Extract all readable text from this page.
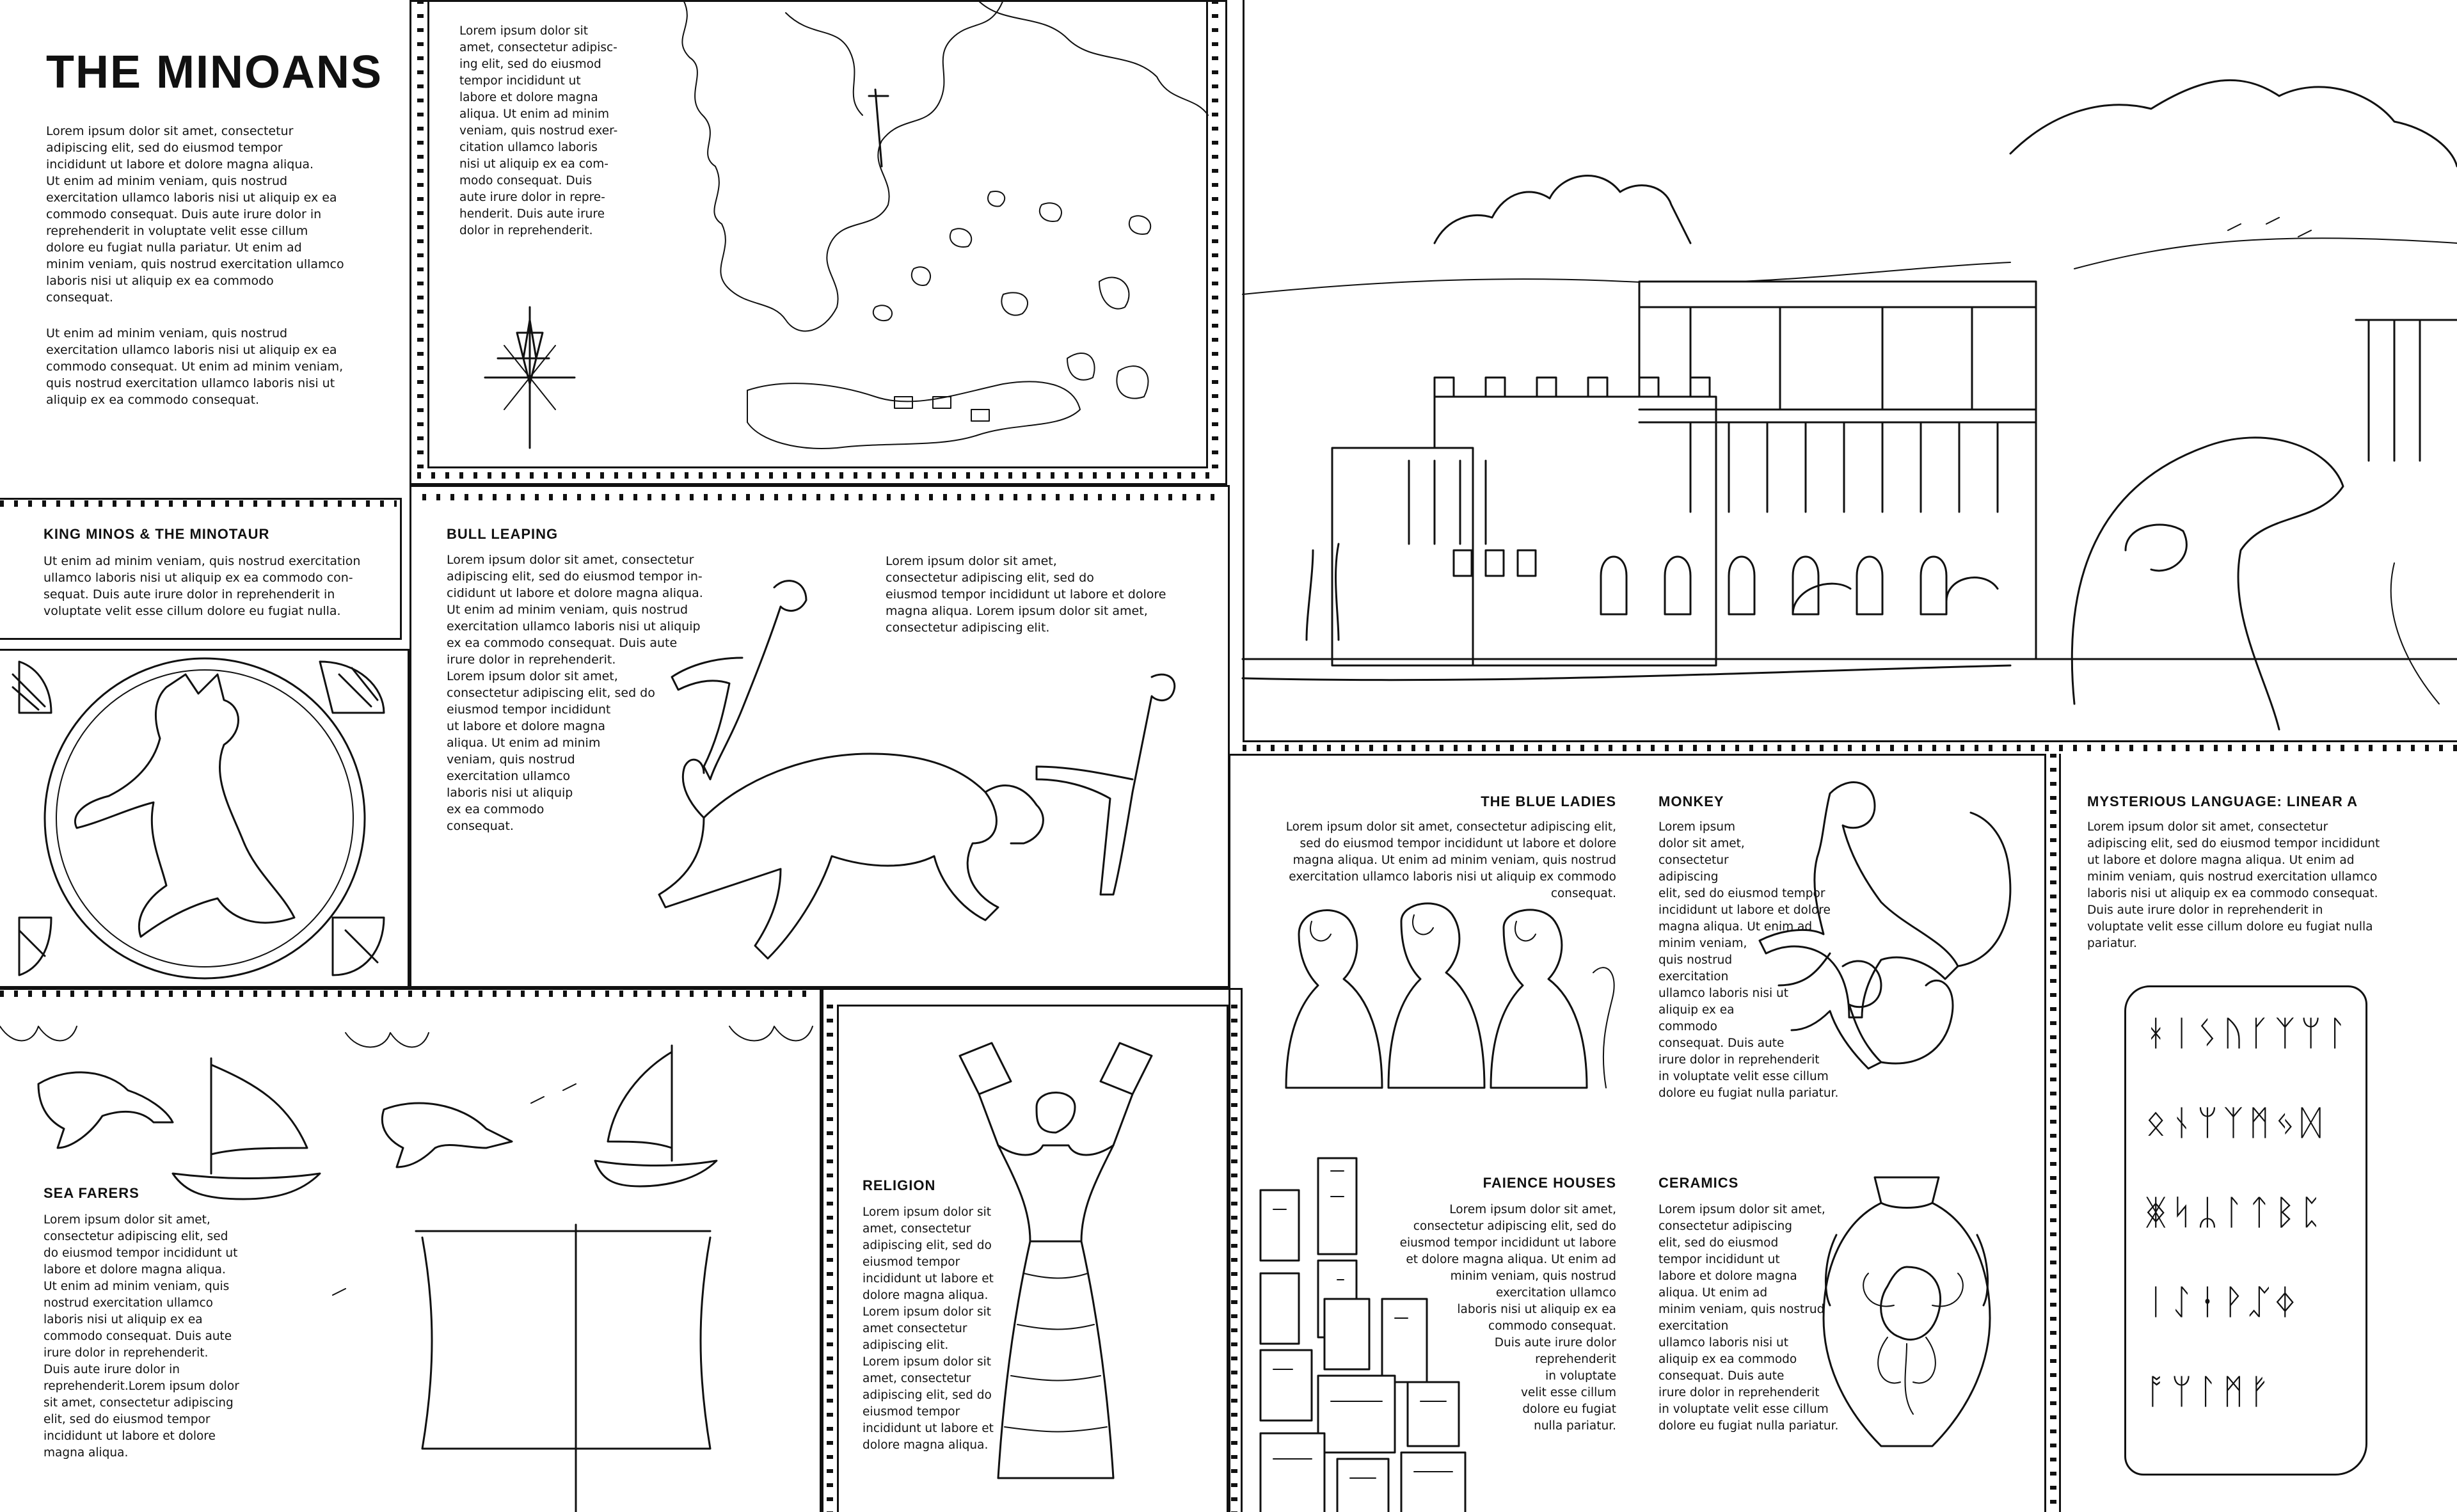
THE MINOANS
Lorem ipsum dolor sit amet, consectetur
adipiscing elit, sed do eiusmod tempor
incididunt ut labore et dolore magna aliqua.
Ut enim ad minim veniam, quis nostrud
exercitation ullamco laboris nisi ut aliquip ex ea
commodo consequat. Duis aute irure dolor in
reprehenderit in voluptate velit esse cillum
dolore eu fugiat nulla pariatur. Ut enim ad
minim veniam, quis nostrud exercitation ullamco
laboris nisi ut aliquip ex ea commodo
consequat.
Ut enim ad minim veniam, quis nostrud
exercitation ullamco laboris nisi ut aliquip ex ea
commodo consequat. Ut enim ad minim veniam,
quis nostrud exercitation ullamco laboris nisi ut
aliquip ex ea commodo consequat.
Lorem ipsum dolor sit
amet, consectetur adipisc-
ing elit, sed do eiusmod
tempor incididunt ut
labore et dolore magna
aliqua. Ut enim ad minim
veniam, quis nostrud exer-
citation ullamco laboris
nisi ut aliquip ex ea com-
modo consequat. Duis
aute irure dolor in repre-
henderit. Duis aute irure
dolor in reprehenderit.
KING MINOS & THE MINOTAUR
Ut enim ad minim veniam, quis nostrud exercitation
ullamco laboris nisi ut aliquip ex ea commodo con-
sequat. Duis aute irure dolor in reprehenderit in
voluptate velit esse cillum dolore eu fugiat nulla.
BULL LEAPING
Lorem ipsum dolor sit amet, consectetur
adipiscing elit, sed do eiusmod tempor in-
cididunt ut labore et dolore magna aliqua.
Ut enim ad minim veniam, quis nostrud
exercitation ullamco laboris nisi ut aliquip
ex ea commodo consequat. Duis aute
irure dolor in reprehenderit.
Lorem ipsum dolor sit amet,
consectetur adipiscing elit, sed do
eiusmod tempor incididunt
ut labore et dolore magna
aliqua. Ut enim ad minim
veniam, quis nostrud
exercitation ullamco
laboris nisi ut aliquip
ex ea commodo
consequat.
Lorem ipsum dolor sit amet,
consectetur adipiscing elit, sed do
eiusmod tempor incididunt ut labore et dolore
magna aliqua. Lorem ipsum dolor sit amet,
consectetur adipiscing elit.
THE BLUE LADIES
Lorem ipsum dolor sit amet, consectetur adipiscing elit,
sed do eiusmod tempor incididunt ut labore et dolore
magna aliqua. Ut enim ad minim veniam, quis nostrud
exercitation ullamco laboris nisi ut aliquip ex commodo
consequat.
MONKEY
Lorem ipsum
dolor sit amet,
consectetur
adipiscing
elit, sed do eiusmod tempor
incididunt ut labore et dolore
magna aliqua. Ut enim ad
minim veniam,
quis nostrud
exercitation
ullamco laboris nisi ut
aliquip ex ea
commodo
consequat. Duis aute
irure dolor in reprehenderit
in voluptate velit esse cillum
dolore eu fugiat nulla pariatur.
MYSTERIOUS LANGUAGE: LINEAR A
Lorem ipsum dolor sit amet, consectetur
adipiscing elit, sed do eiusmod tempor incididunt
ut labore et dolore magna aliqua. Ut enim ad
minim veniam, quis nostrud exercitation ullamco
laboris nisi ut aliquip ex ea commodo consequat.
Duis aute irure dolor in reprehenderit in
voluptate velit esse cillum dolore eu fugiat nulla
pariatur.
ᚼᛁᛊᚢᚴᛉᛘᛚ
ᛟᚾᛘᛉᛗᛃᛞ
ᛤᛋᛦᛚᛏᛒᛈ
ᛁᛇᛂᚹᛢᛄ
ᚩᛘᛚᛗᚠ
SEA FARERS
Lorem ipsum dolor sit amet,
consectetur adipiscing elit, sed
do eiusmod tempor incididunt ut
labore et dolore magna aliqua.
Ut enim ad minim veniam, quis
nostrud exercitation ullamco
laboris nisi ut aliquip ex ea
commodo consequat. Duis aute
irure dolor in reprehenderit.
Duis aute irure dolor in
reprehenderit.Lorem ipsum dolor
sit amet, consectetur adipiscing
elit, sed do eiusmod tempor
incididunt ut labore et dolore
magna aliqua.
RELIGION
Lorem ipsum dolor sit
amet, consectetur
adipiscing elit, sed do
eiusmod tempor
incididunt ut labore et
dolore magna aliqua.
Lorem ipsum dolor sit
amet consectetur
adipiscing elit.
Lorem ipsum dolor sit
amet, consectetur
adipiscing elit, sed do
eiusmod tempor
incididunt ut labore et
dolore magna aliqua.
FAIENCE HOUSES
Lorem ipsum dolor sit amet,
consectetur adipiscing elit, sed do
eiusmod tempor incididunt ut labore
et dolore magna aliqua. Ut enim ad
minim veniam, quis nostrud
exercitation ullamco
laboris nisi ut aliquip ex ea
commodo consequat.
Duis aute irure dolor
reprehenderit
in voluptate
velit esse cillum
dolore eu fugiat
nulla pariatur.
CERAMICS
Lorem ipsum dolor sit amet,
consectetur adipiscing
elit, sed do eiusmod
tempor incididunt ut
labore et dolore magna
aliqua. Ut enim ad
minim veniam, quis nostrud
exercitation
ullamco laboris nisi ut
aliquip ex ea commodo
consequat. Duis aute
irure dolor in reprehenderit
in voluptate velit esse cillum
dolore eu fugiat nulla pariatur.
